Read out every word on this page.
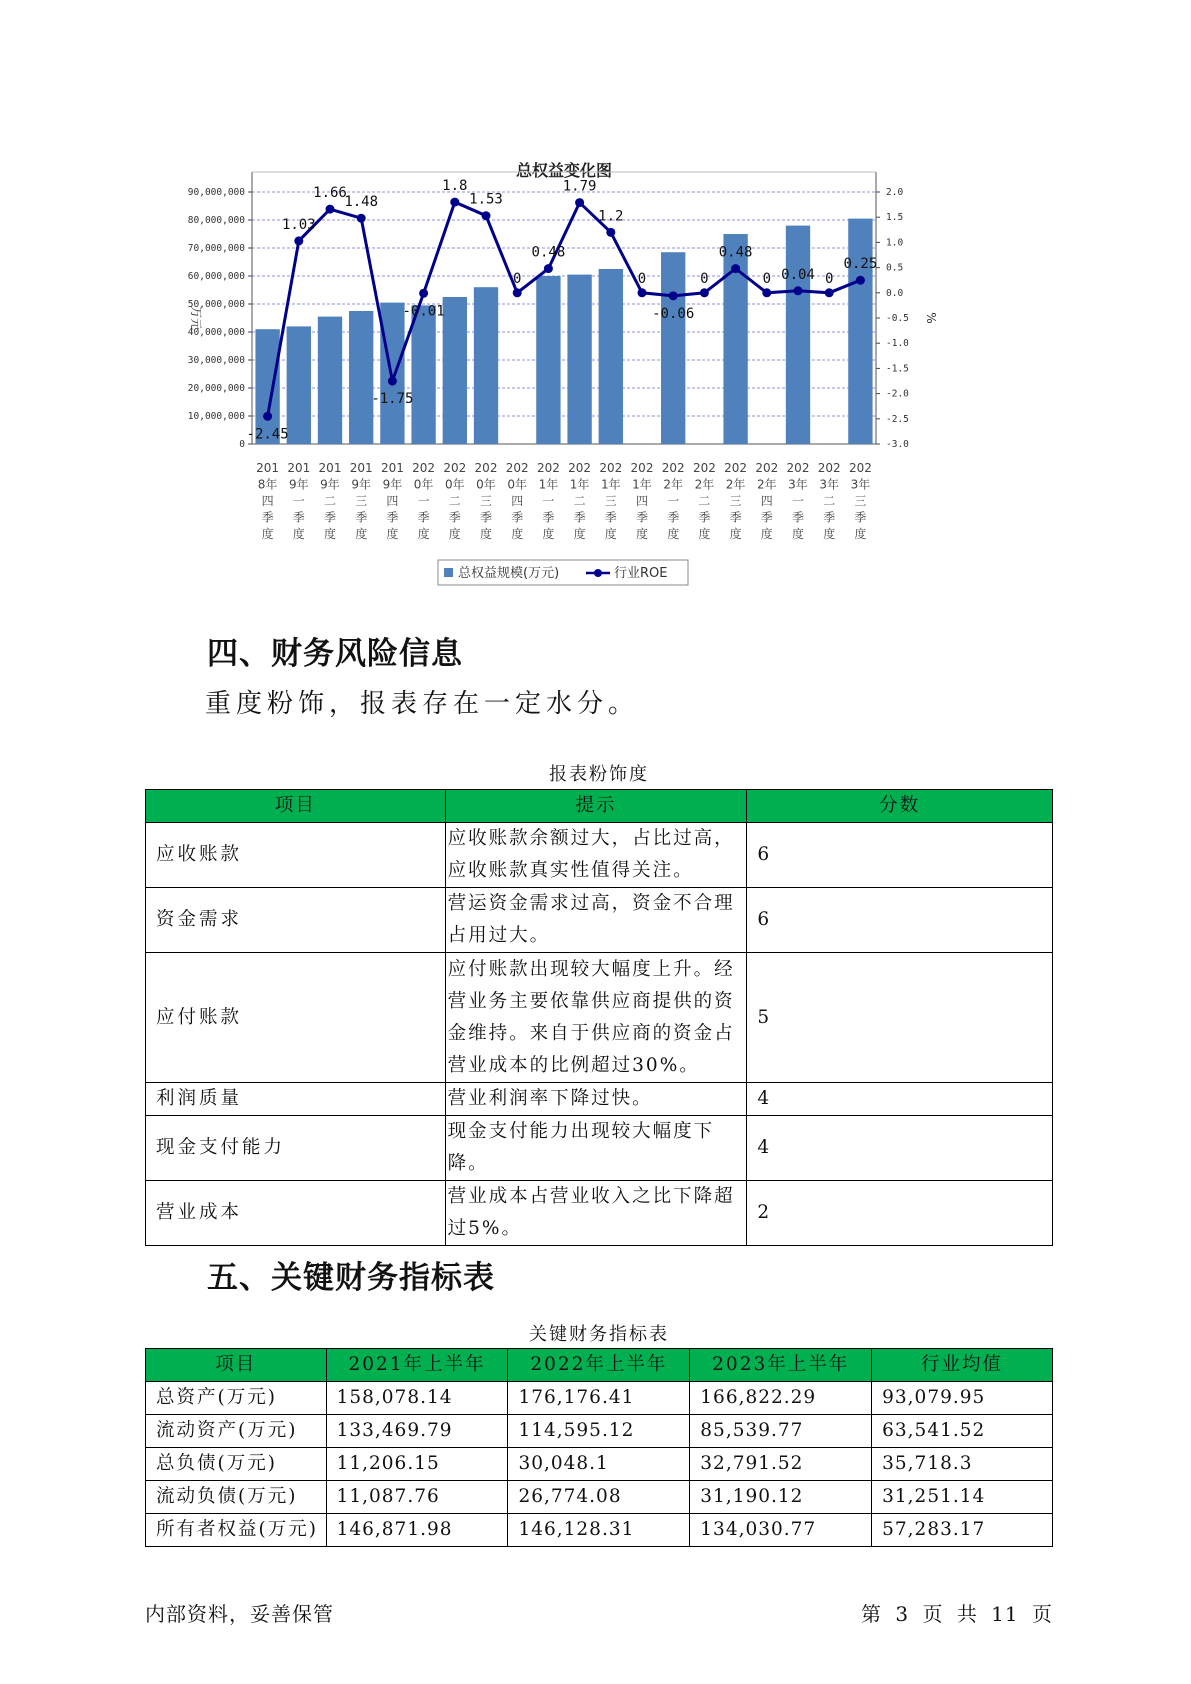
总权益变化图
0
10,000,000
20,000,000
30,000,000
40,000,000
50,000,000
60,000,000
70,000,000
80,000,000
90,000,000	2.0
1.5
1.0
0.5
0.0
-0.5
-1.0
-1.5
-2.0
-2.5
-3.0
万元	%
-2.45
1.03
1.66
1.48
-1.75
-0.01
1.8
1.53
0
0.48
1.79
1.2
0
-0.06
0
0.48
0 0.04 0
0.25
201
8年
四
季
度
201
9年
一
季
度
201
9年
二
季
度
201
9年
三
季
度
201
9年
四
季
度
202
0年
一
季
度
202
0年
二
季
度
202
0年
三
季
度
202
0年
四
季
度
202
1年
一
季
度
202
1年
二
季
度
202
1年
三
季
度
202
1年
四
季
度
202
2年
一
季
度
202
2年
二
季
度
202
2年
三
季
度
202
2年
四
季
度
202
3年
一
季
度
202
3年
二
季
度
202
3年
三
季
度
总权益规模(万元)	行业ROE
四、财务风险信息

重度粉饰，报表存在一定水分。

报表粉饰度
项目	提示	分数
应收账款	应收账款余额过大，占比过高，应收账款真实性值得关注。	6
资金需求	营运资金需求过高，资金不合理占用过大。	6
应付账款	应付账款出现较大幅度上升。经营业务主要依靠供应商提供的资金维持。来自于供应商的资金占营业成本的比例超过30%。	5
利润质量	营业利润率下降过快。	4
现金支付能力	现金支付能力出现较大幅度下降。	4
营业成本	营业成本占营业收入之比下降超过5%。	2
五、关键财务指标表
关键财务指标表
项目	2021年上半年	2022年上半年	2023年上半年	行业均值
总资产(万元)	158,078.14	176,176.41	166,822.29	93,079.95
流动资产(万元)	133,469.79	114,595.12	85,539.77	63,541.52
总负债(万元)	11,206.15	30,048.1	32,791.52	35,718.3
流动负债(万元)	11,087.76	26,774.08	31,190.12	31,251.14
所有者权益(万元)	146,871.98	146,128.31	134,030.77	57,283.17
内部资料，妥善保管	第 3 页 共 11 页
